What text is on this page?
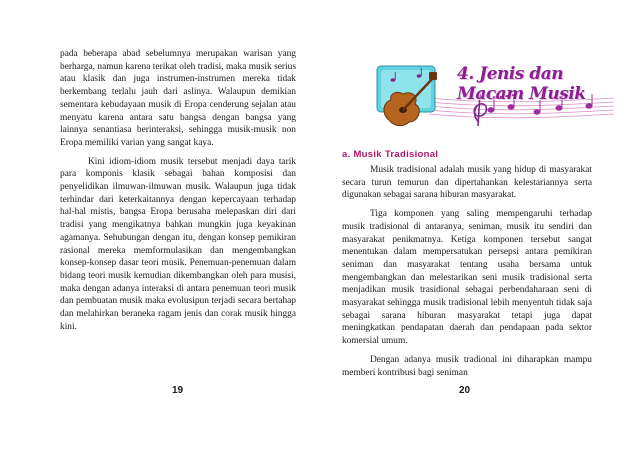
pada beberapa abad sebelumnya merupakan warisan yang berharga, namun karena terikat oleh tradisi, maka musik serius atau klasik dan juga instrumen-instrumen mereka tidak berkembang terlalu jauh dari aslinya. Walaupun demikian sementara kebudayaan musik di Eropa cenderung sejalan atau menyatu karena antara satu bangsa dengan bangsa yang lainnya senantiasa berinteraksi, sehingga musik-musik non Eropa memiliki varian yang sangat kaya.

Kini idiom-idiom musik tersebut menjadi daya tarik para komponis klasik sebagai bahan komposisi dan penyelidikan ilmuwan-ilmuwan musik. Walaupun juga tidak terhindar dari keterkaitannya dengan kepercayaan terhadap hal-hal mistis, bangsa Eropa berusaha melepaskan diri dari tradisi yang mengikatnya bahkan mungkin juga keyakinan agamanya. Sehubungan dengan itu, dengan konsep pemikiran rasional mereka memformulasikan dan mengembangkan konsep-konsep dasar teori musik. Penemuan-penemuan dalam bidang teori musik kemudian dikembangkan oleh para musisi, maka dengan adanya interaksi di antara penemuan teori musik dan pembuatan musik maka evolusipun terjadi secara bertahap dan melahirkan beraneka ragam jenis dan corak musik hingga kini.

19
4. Jenis dan Macam Musik
a. Musik Tradisional

Musik tradisional adalah musik yang hidup di masyarakat secara turun temurun dan dipertahankan kelestariannya serta digunakan sebagai sarana hiburan masyarakat.

Tiga komponen yang saling mempengaruhi terhadap musik tradisional di antaranya, seniman, musik itu sendiri dan masyarakat penikmatnya. Ketiga komponen tersebut sangat menentukan dalam mempersatukan persepsi antara pemikiran seniman dan masyarakat tentang usaha bersama untuk mengembangkan dan melestarikan seni musik tradisional serta menjadikan musik trasidional sebagai perbendaharaan seni di masyarakat sehingga musik tradisional lebih menyentuh tidak saja sebagai sarana hiburan masyarakat tetapi juga dapat meningkatkan pendapatan daerah dan pendapaan pada sektor komersial umum.

Dengan adanya musik tradional ini diharapkan mampu memberi kontribusi bagi seniman

20
